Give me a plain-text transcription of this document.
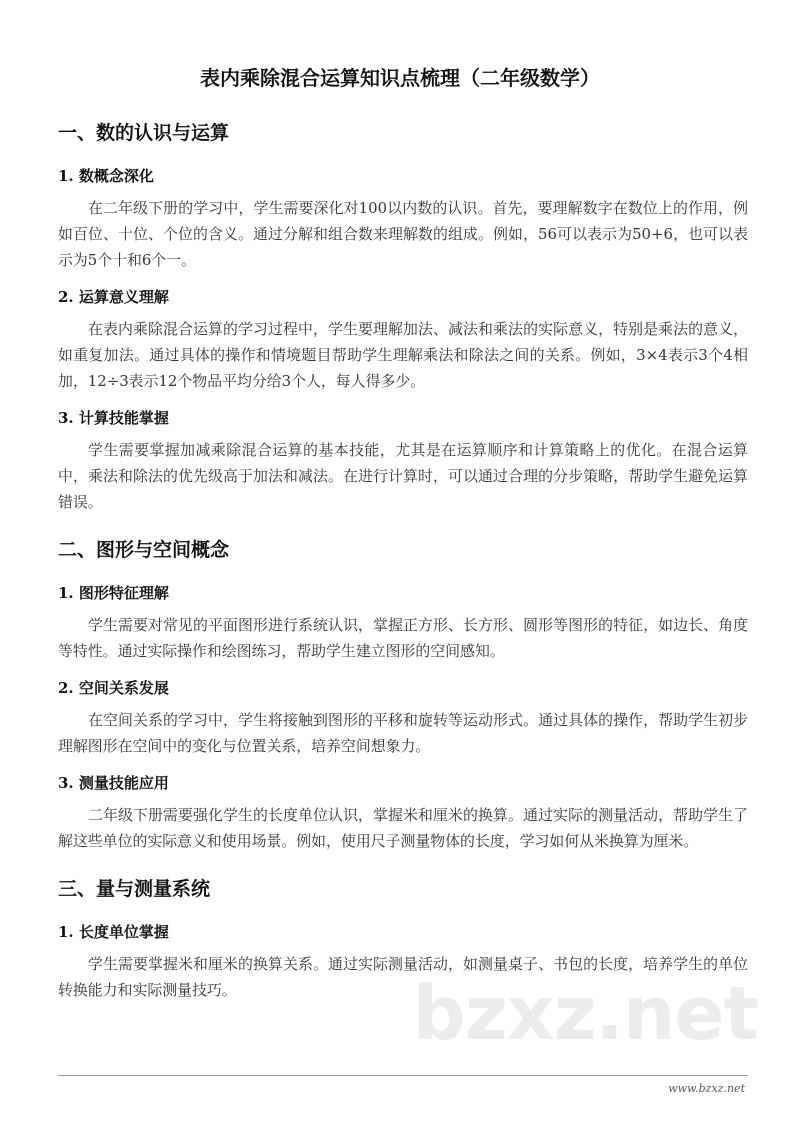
表内乘除混合运算知识点梳理（二年级数学）
一、数的认识与运算
1. 数概念深化
在二年级下册的学习中，学生需要深化对100以内数的认识。首先，要理解数字在数位上的作用，例如百位、十位、个位的含义。通过分解和组合数来理解数的组成。例如，56可以表示为50+6，也可以表示为5个十和6个一。
2. 运算意义理解
在表内乘除混合运算的学习过程中，学生要理解加法、减法和乘法的实际意义，特别是乘法的意义，如重复加法。通过具体的操作和情境题目帮助学生理解乘法和除法之间的关系。例如，3×4表示3个4相加，12÷3表示12个物品平均分给3个人，每人得多少。
3. 计算技能掌握
学生需要掌握加减乘除混合运算的基本技能，尤其是在运算顺序和计算策略上的优化。在混合运算中，乘法和除法的优先级高于加法和减法。在进行计算时，可以通过合理的分步策略，帮助学生避免运算错误。
二、图形与空间概念
1. 图形特征理解
学生需要对常见的平面图形进行系统认识，掌握正方形、长方形、圆形等图形的特征，如边长、角度等特性。通过实际操作和绘图练习，帮助学生建立图形的空间感知。
2. 空间关系发展
在空间关系的学习中，学生将接触到图形的平移和旋转等运动形式。通过具体的操作，帮助学生初步理解图形在空间中的变化与位置关系，培养空间想象力。
3. 测量技能应用
二年级下册需要强化学生的长度单位认识，掌握米和厘米的换算。通过实际的测量活动，帮助学生了解这些单位的实际意义和使用场景。例如，使用尺子测量物体的长度，学习如何从米换算为厘米。
三、量与测量系统
1. 长度单位掌握
学生需要掌握米和厘米的换算关系。通过实际测量活动，如测量桌子、书包的长度，培养学生的单位转换能力和实际测量技巧。	bzxz.net
www.bzxz.net
